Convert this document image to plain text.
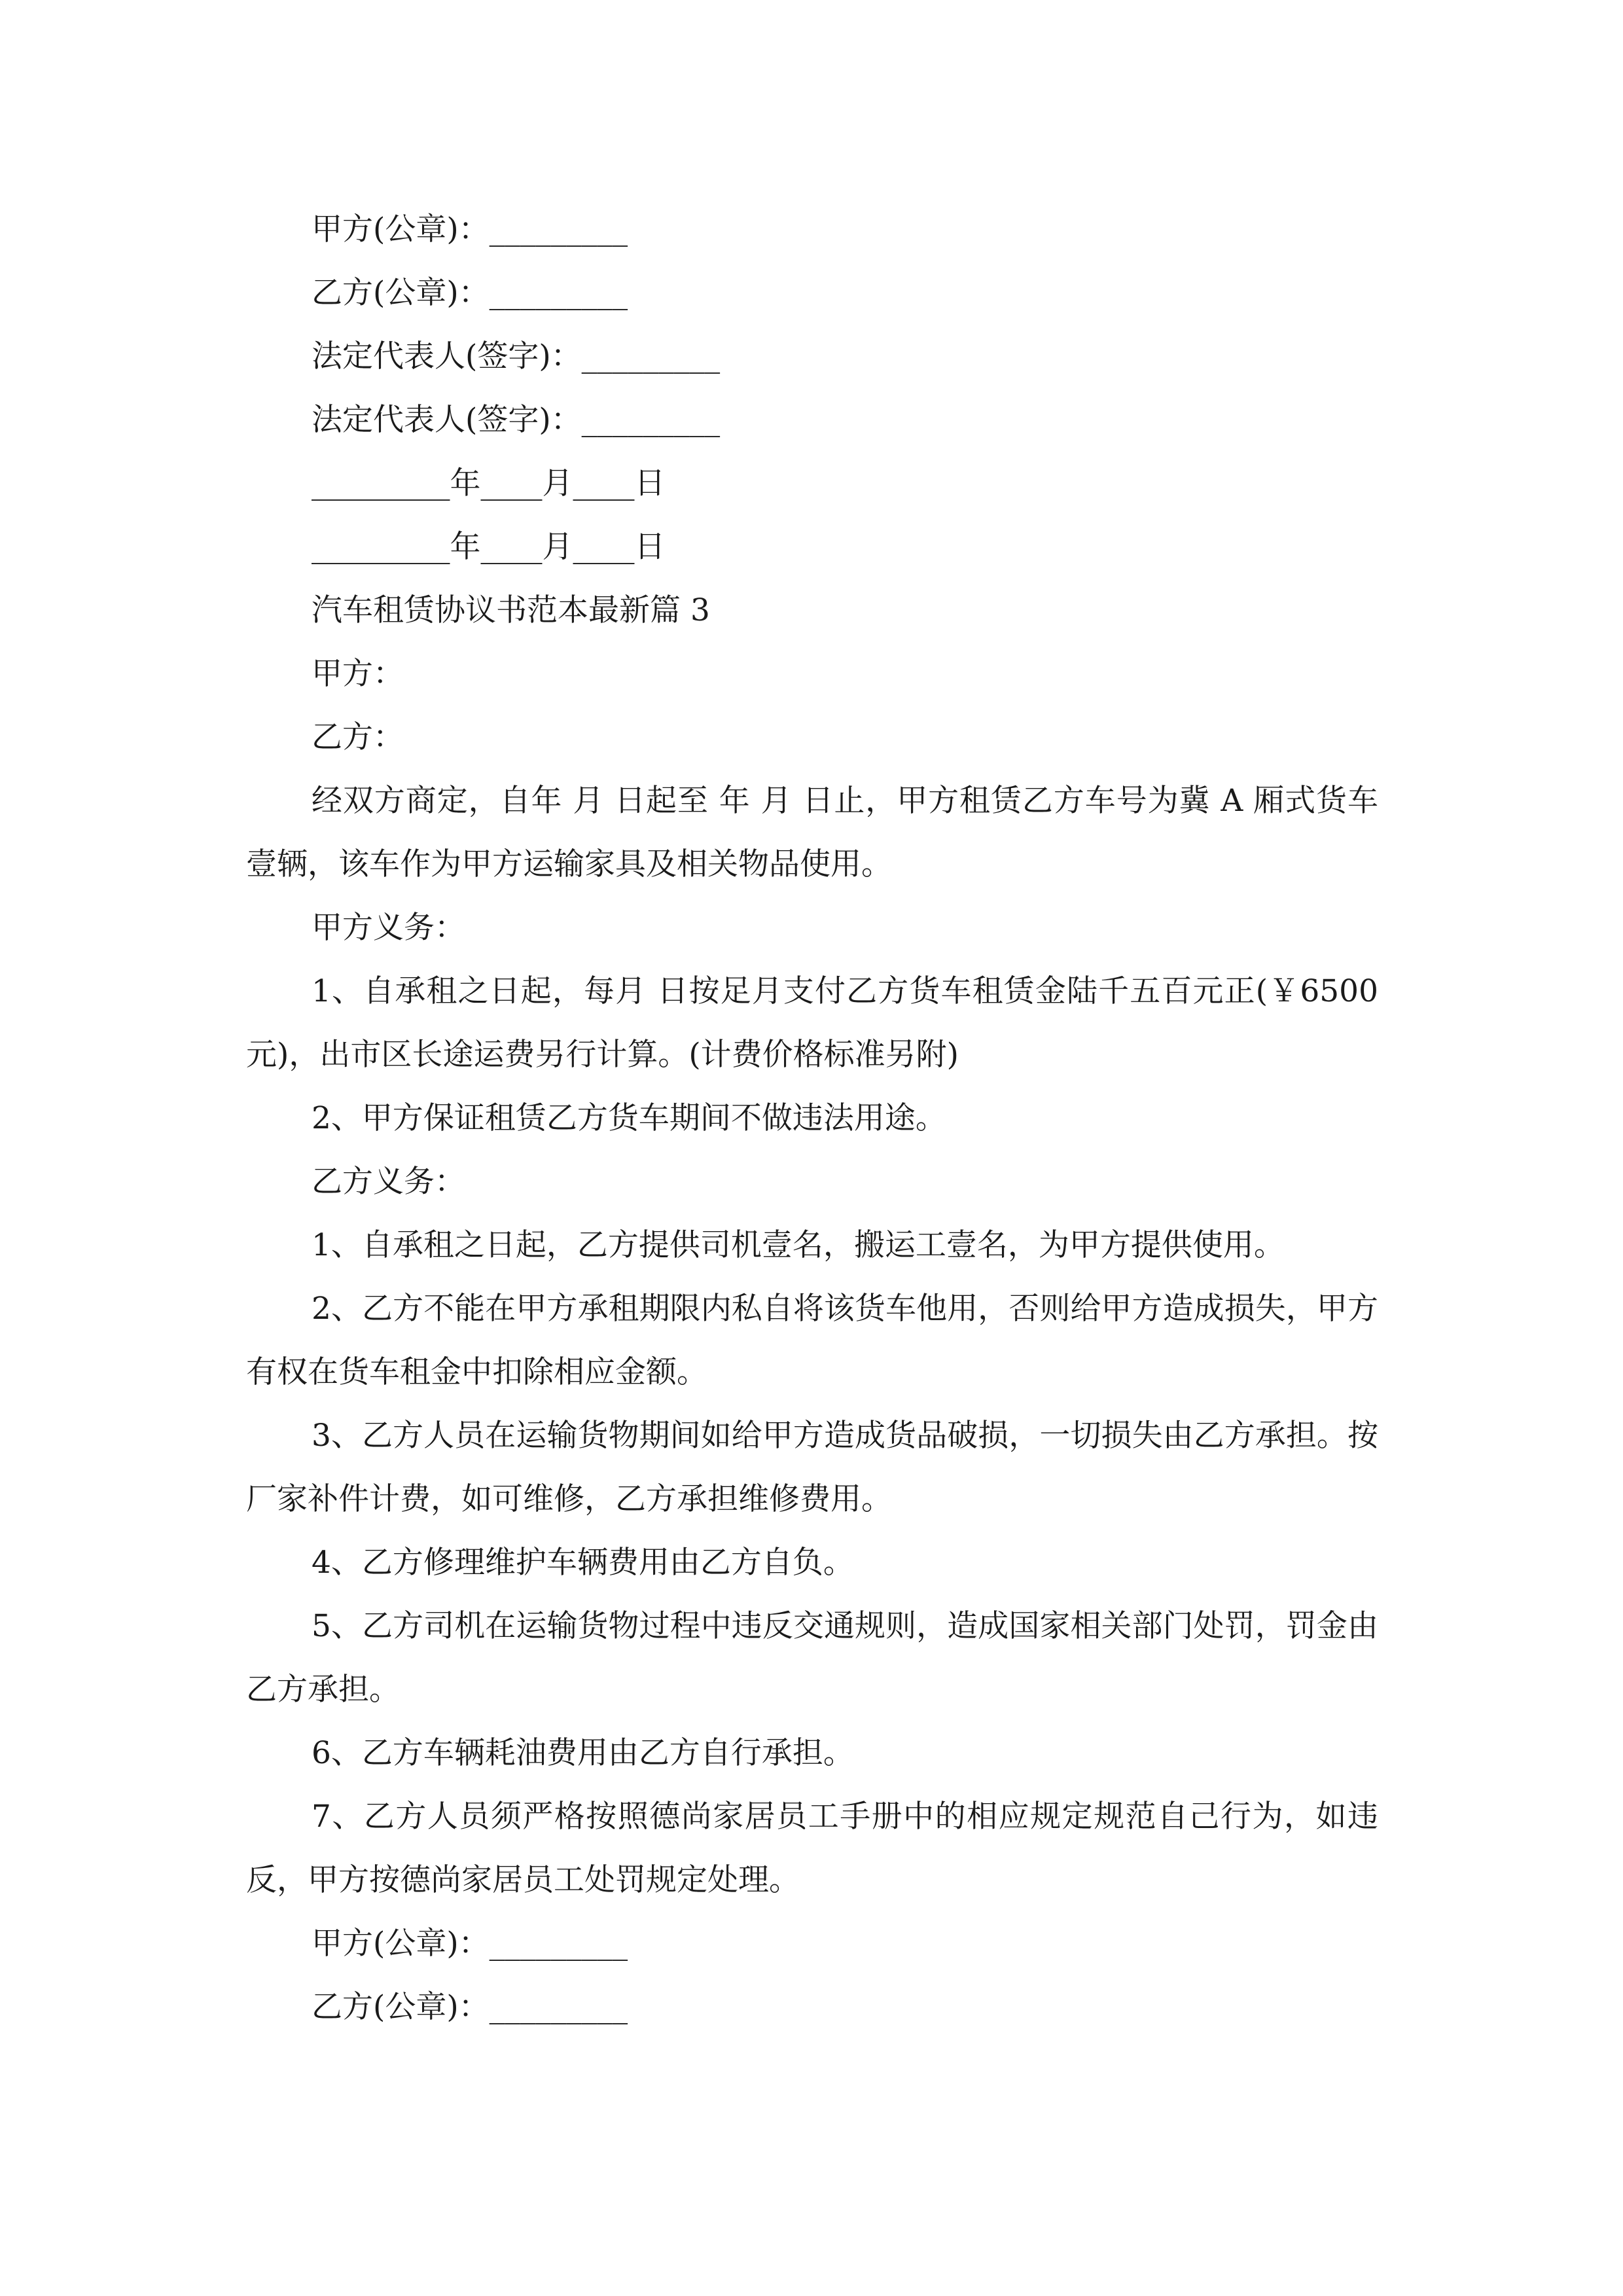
甲方(公章)：_________

乙方(公章)：_________

法定代表人(签字)：_________

法定代表人(签字)：_________

_________年____月____日

_________年____月____日

汽车租赁协议书范本最新篇 3

甲方：

乙方：

经双方商定，自年 月 日起至 年 月 日止，甲方租赁乙方车号为冀 A 厢式货车壹辆，该车作为甲方运输家具及相关物品使用。

甲方义务：

1、自承租之日起，每月 日按足月支付乙方货车租赁金陆千五百元正(￥6500元)，出市区长途运费另行计算。(计费价格标准另附)

2、甲方保证租赁乙方货车期间不做违法用途。

乙方义务：

1、自承租之日起，乙方提供司机壹名，搬运工壹名，为甲方提供使用。

2、乙方不能在甲方承租期限内私自将该货车他用，否则给甲方造成损失，甲方有权在货车租金中扣除相应金额。

3、乙方人员在运输货物期间如给甲方造成货品破损，一切损失由乙方承担。按厂家补件计费，如可维修，乙方承担维修费用。

4、乙方修理维护车辆费用由乙方自负。

5、乙方司机在运输货物过程中违反交通规则，造成国家相关部门处罚，罚金由乙方承担。

6、乙方车辆耗油费用由乙方自行承担。

7、乙方人员须严格按照德尚家居员工手册中的相应规定规范自己行为，如违反，甲方按德尚家居员工处罚规定处理。

甲方(公章)：_________

乙方(公章)：_________
